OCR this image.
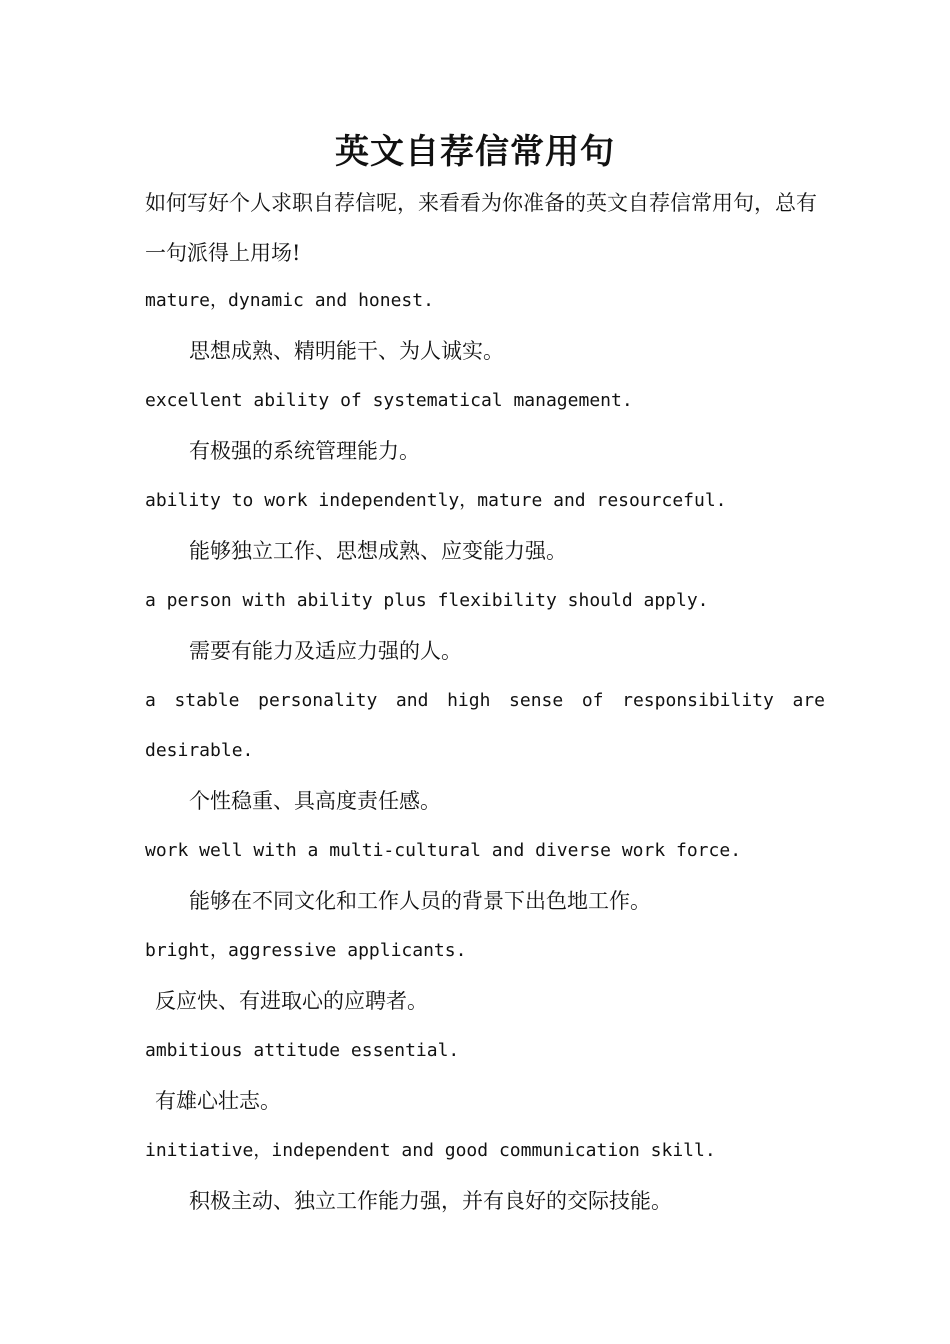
英文自荐信常用句
如何写好个人求职自荐信呢，来看看为你准备的英文自荐信常用句，总有一句派得上用场!
mature，dynamic and honest.
思想成熟、精明能干、为人诚实。
excellent ability of systematical management.
有极强的系统管理能力。
ability to work independently，mature and resourceful.
能够独立工作、思想成熟、应变能力强。
a person with ability plus flexibility should apply.
需要有能力及适应力强的人。
a stable personality and high sense of responsibility are desirable.
个性稳重、具高度责任感。
work well with a multi-cultural and diverse work force.
能够在不同文化和工作人员的背景下出色地工作。
bright，aggressive applicants.
反应快、有进取心的应聘者。
ambitious attitude essential.
有雄心壮志。
initiative，independent and good communication skill.
积极主动、独立工作能力强，并有良好的交际技能。
